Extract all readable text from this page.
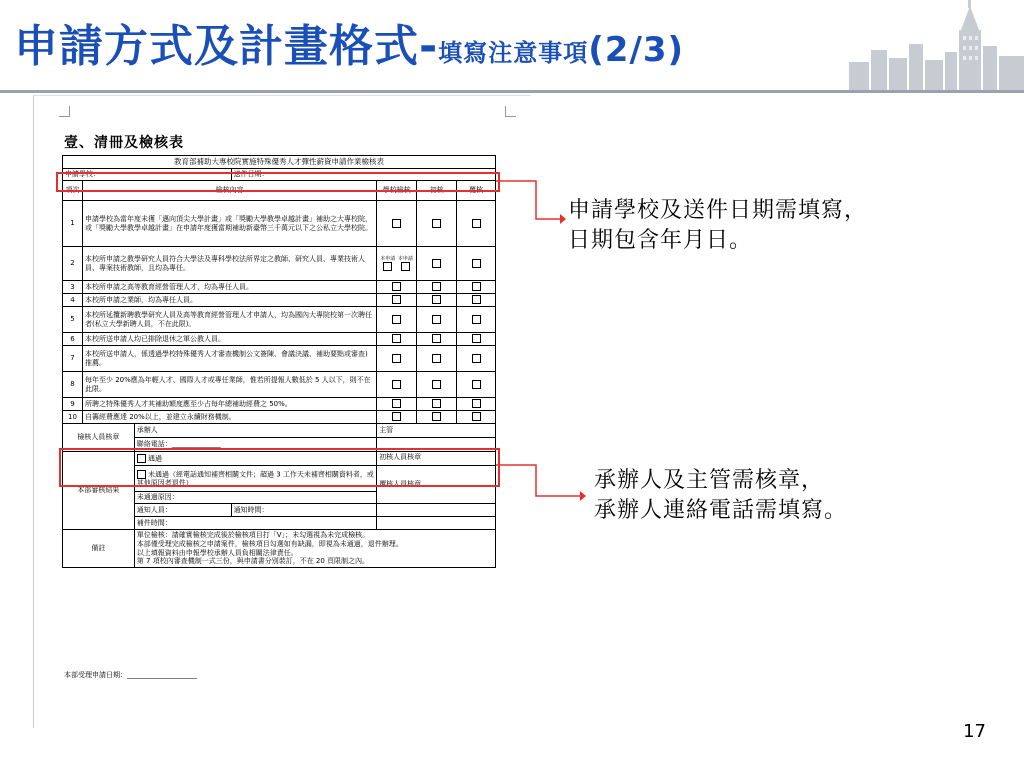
申請方式及計畫格式-填寫注意事項(2/3)
壹、清冊及檢核表
教育部補助大專校院實施特殊優秀人才彈性薪資申請作業檢核表						
申請學校：			送件日期：			
項次	檢核內容			學校檢核	初核	覆核
1	申請學校為當年度未獲「邁向頂尖大學計畫」或「獎勵大學教學卓越計畫」補助之大專校院，或「獎勵大學教學卓越計畫」在申請年度獲當期補助新臺幣三千萬元以下之公私立大學校院。					
2	本校所申請之教學研究人員符合大學法及專科學校法所界定之教師、研究人員、專業技術人員、專案技術教師，且均為專任。			本申請 本申請		

3	本校所申請之高等教育經營管理人才，均為專任人員。					
4	本校所申請之業師，均為專任人員。					
5	本校所延攬新聘教學研究人員及高等教育經營管理人才申請人，均為國內大專院校第一次聘任者(私立大學新聘人員，不在此限)。					
6	本校所送申請人均已排除退休之軍公教人員。					
7	本校所送申請人，係透過學校特殊優秀人才審查機制公文簽陳、會議決議、補助要點或審查)推薦。					
8	每年至少 20%應為年輕人才、國際人才或專任業師，惟若所提報人數低於 5 人以下，則不在此限。					
9	所聘之特殊優秀人才其補助額度應至少占每年總補助經費之 50%。					
10	自籌經費應達 20%以上，並建立永續財務機制。					
檢核人員核章		承辦人		主管		
		聯絡電話：______________				
本部審核結果		通過		初核人員核章		
		未通過（經電話通知補齊相關文件；超過 3 工作天未補齊相關資料者，或其他原因者退件）		覆核人員核章		
		未通過原因：				
		通知人員：	通知時間：			
		補件時間：				
備註		單位檢核：請確實檢核完成後於檢核項目打「V」；未勾選視為未完成檢核。
本部僅受理完成檢核之申請案件，檢核項目勾選如有缺漏，即視為未通過，退件辦理。
以上填報資料由申報學校承辦人員負相關法律責任。
第 7 項校內審查機制一式三份，與申請書分別裝訂，不在 20 頁限制之內。				
本部受理申請日期：____________________
申請學校及送件日期需填寫，
日期包含年月日。
承辦人及主管需核章，
承辦人連絡電話需填寫。
17
